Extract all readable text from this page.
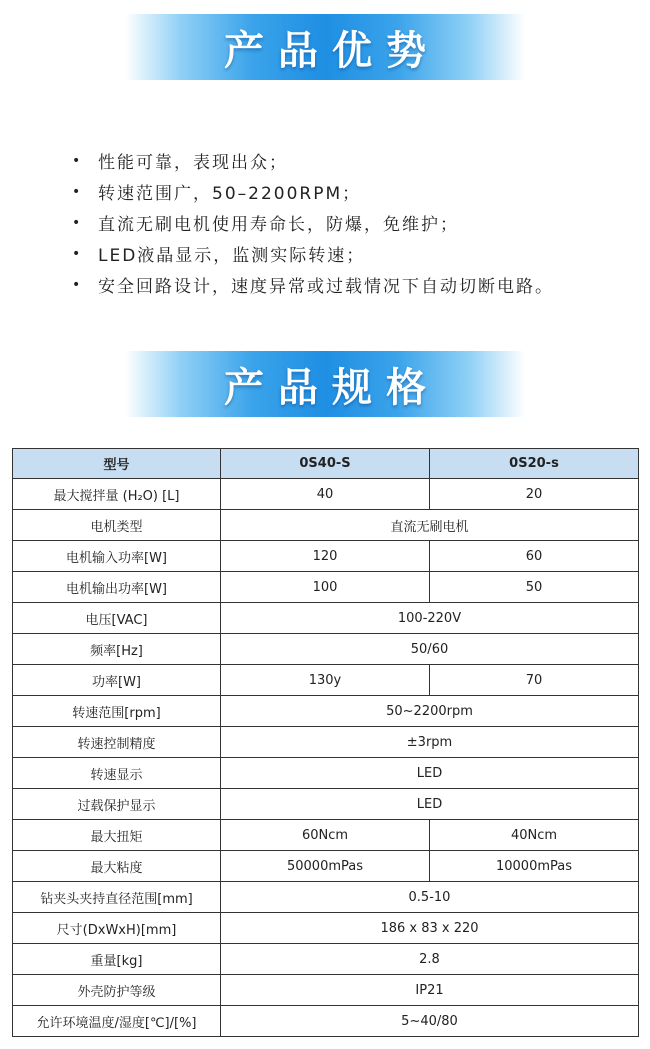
产品优势
• 性能可靠，表现出众；
• 转速范围广，50–2200RPM；
• 直流无刷电机使用寿命长，防爆，免维护；
• LED液晶显示，监测实际转速；
• 安全回路设计，速度异常或过载情况下自动切断电路。
产品规格
型号	0S40-S	0S20-s
最大搅拌量 (H₂O) [L]	40	20
电机类型	直流无刷电机	
电机输入功率[W]	120	60
电机输出功率[W]	100	50
电压[VAC]	100-220V	
频率[Hz]	50/60	
功率[W]	130y	70
转速范围[rpm]	50~2200rpm	
转速控制精度	±3rpm	
转速显示	LED	
过载保护显示	LED	
最大扭矩	60Ncm	40Ncm
最大粘度	50000mPas	10000mPas
钻夹头夹持直径范围[mm]	0.5-10	
尺寸(DxWxH)[mm]	186 x 83 x 220	
重量[kg]	2.8	
外壳防护等级	IP21	
允许环境温度/湿度[℃]/[%]	5~40/80	
